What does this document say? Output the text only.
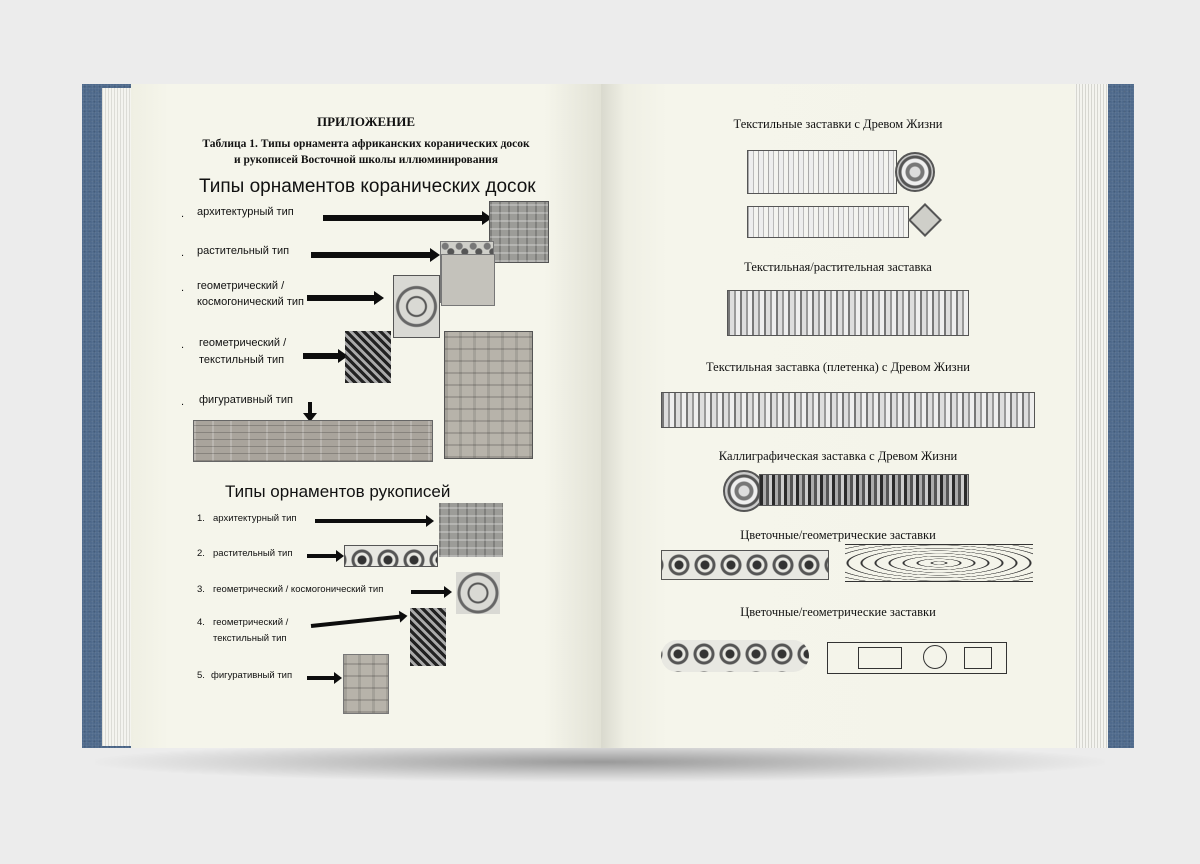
ПРИЛОЖЕНИЕ
Таблица 1. Типы орнамента африканских коранических досок
и рукописей Восточной школы иллюминирования
Типы орнаментов коранических досок
. архитектурный тип
. растительный тип
. геометрический /
космогонический тип
. геометрический /
текстильный тип
. фигуративный тип
Типы орнаментов рукописей
1. архитектурный тип
2. растительный тип
3. геометрический / космогонический тип
4. геометрический /
текстильный тип
5. фигуративный тип
Текстильные заставки с Древом Жизни
Текстильная/растительная заставка
Текстильная заставка (плетенка) с Древом Жизни
Каллиграфическая заставка с Древом Жизни
Цветочные/геометрические заставки
Цветочные/геометрические заставки
